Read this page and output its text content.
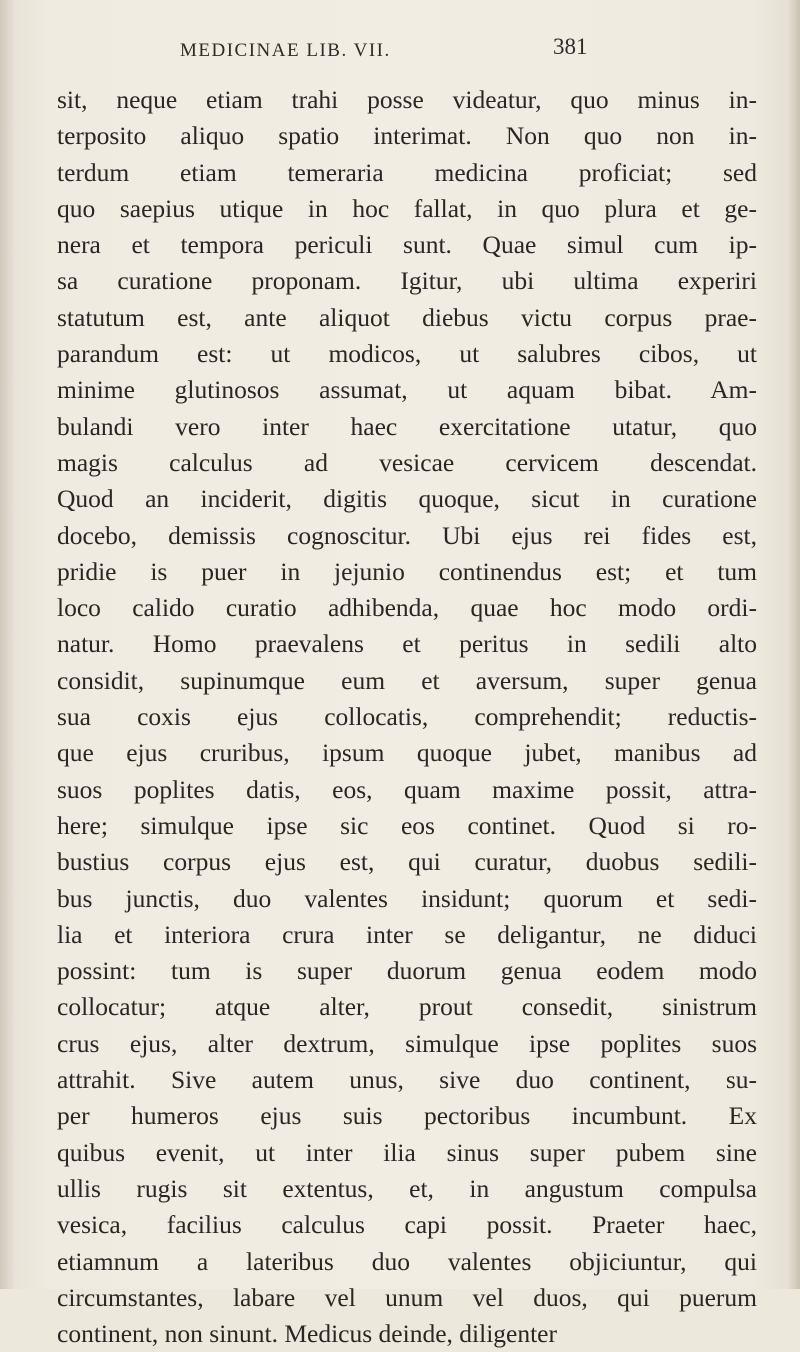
MEDICINAE LIB. VII.	381
sit, neque etiam trahi posse videatur, quo minus in-
terposito aliquo spatio interimat. Non quo non in-
terdum etiam temeraria medicina proficiat; sed
quo saepius utique in hoc fallat, in quo plura et ge-
nera et tempora periculi sunt. Quae simul cum ip-
sa curatione proponam. Igitur, ubi ultima experiri
statutum est, ante aliquot diebus victu corpus prae-
parandum est: ut modicos, ut salubres cibos, ut
minime glutinosos assumat, ut aquam bibat. Am-
bulandi vero inter haec exercitatione utatur, quo
magis calculus ad vesicae cervicem descendat.
Quod an inciderit, digitis quoque, sicut in curatione
docebo, demissis cognoscitur. Ubi ejus rei fides est,
pridie is puer in jejunio continendus est; et tum
loco calido curatio adhibenda, quae hoc modo ordi-
natur. Homo praevalens et peritus in sedili alto
considit, supinumque eum et aversum, super genua
sua coxis ejus collocatis, comprehendit; reductis-
que ejus cruribus, ipsum quoque jubet, manibus ad
suos poplites datis, eos, quam maxime possit, attra-
here; simulque ipse sic eos continet. Quod si ro-
bustius corpus ejus est, qui curatur, duobus sedili-
bus junctis, duo valentes insidunt; quorum et sedi-
lia et interiora crura inter se deligantur, ne diduci
possint: tum is super duorum genua eodem modo
collocatur; atque alter, prout consedit, sinistrum
crus ejus, alter dextrum, simulque ipse poplites suos
attrahit. Sive autem unus, sive duo continent, su-
per humeros ejus suis pectoribus incumbunt. Ex
quibus evenit, ut inter ilia sinus super pubem sine
ullis rugis sit extentus, et, in angustum compulsa
vesica, facilius calculus capi possit. Praeter haec,
etiamnum a lateribus duo valentes objiciuntur, qui
circumstantes, labare vel unum vel duos, qui puerum
continent, non sinunt. Medicus deinde, diligenter
